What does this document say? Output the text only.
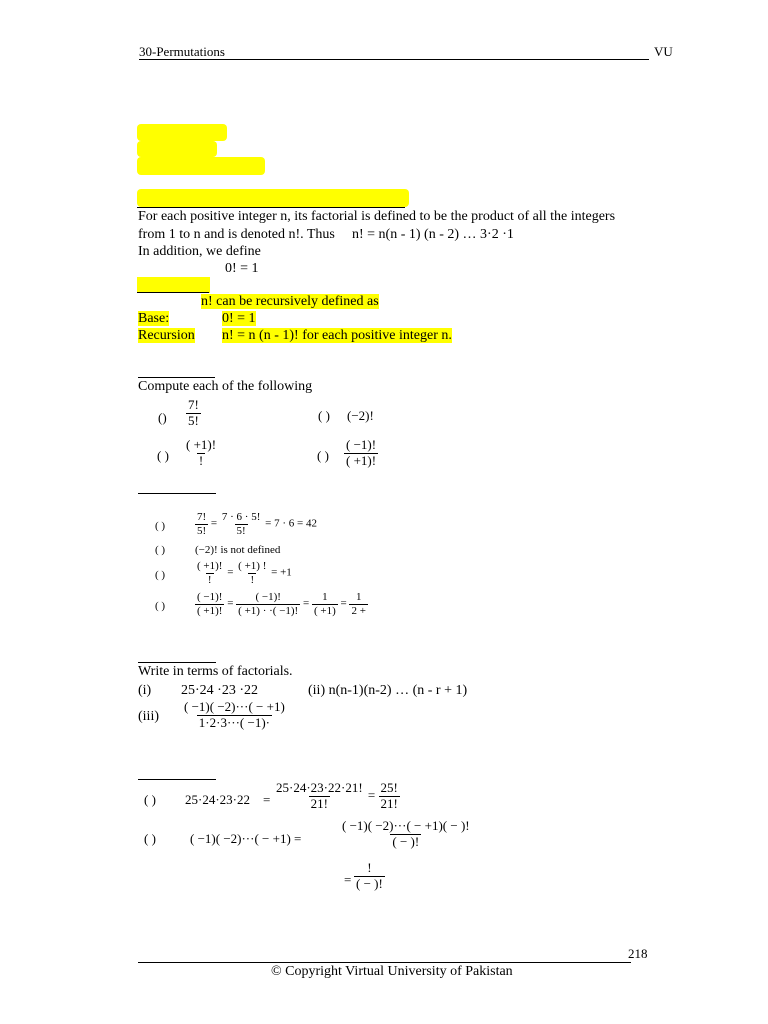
30-Permutations	VU
For each positive integer n, its factorial is defined to be the product of all the integers
from 1 to n and is denoted n!. Thus n! = n(n - 1) (n - 2) … 3·2 ·1
In addition, we define
0! = 1
n! can be recursively defined as
Base:	0! = 1
Recursion n! = n (n - 1)! for each positive integer n.
Compute each of the following
() $\frac{7!}{5!}$	( ) (−2)!
( ) $\frac{( +1)!}{!}$	( ) $\frac{( -1)!}{( +1)!}$
( )	$\frac{7!}{5!} = \frac{7 \cdot 6 \cdot 5!}{5!} = 7 \cdot 6 = 42$
( )	(−2)! is not defined
( )	$\frac{( +1)!}{!} = \frac{( +1) !}{!} = +1$
( )	$\frac{( -1)!}{( +1)!} = \frac{( -1)!}{( +1) \cdot \cdot( -1)!} = \frac{1}{( +1)} = \frac{1}{2 +}$
Write in terms of factorials.
(i) 25·24 ·23 ·22	(ii) n(n-1)(n-2) … (n - r + 1)
$(iii) \frac{( -1)( -2)\cdot\cdot\cdot( - +1)}{1\cdot 2\cdot 3\cdot\cdot\cdot( -1)\cdot}$
( ) $25\cdot 24\cdot 23\cdot 22 = \frac{25\cdot 24\cdot 23\cdot 22\cdot 21!}{21!} = \frac{25!}{21!}$
( )	( −1)( −2)···( − +1) =	$\frac{( -1)( -2)\cdot\cdot\cdot( - +1)( - )!}{( - )!}$
= $\frac{!}{( - )!}$
218
© Copyright Virtual University of Pakistan
